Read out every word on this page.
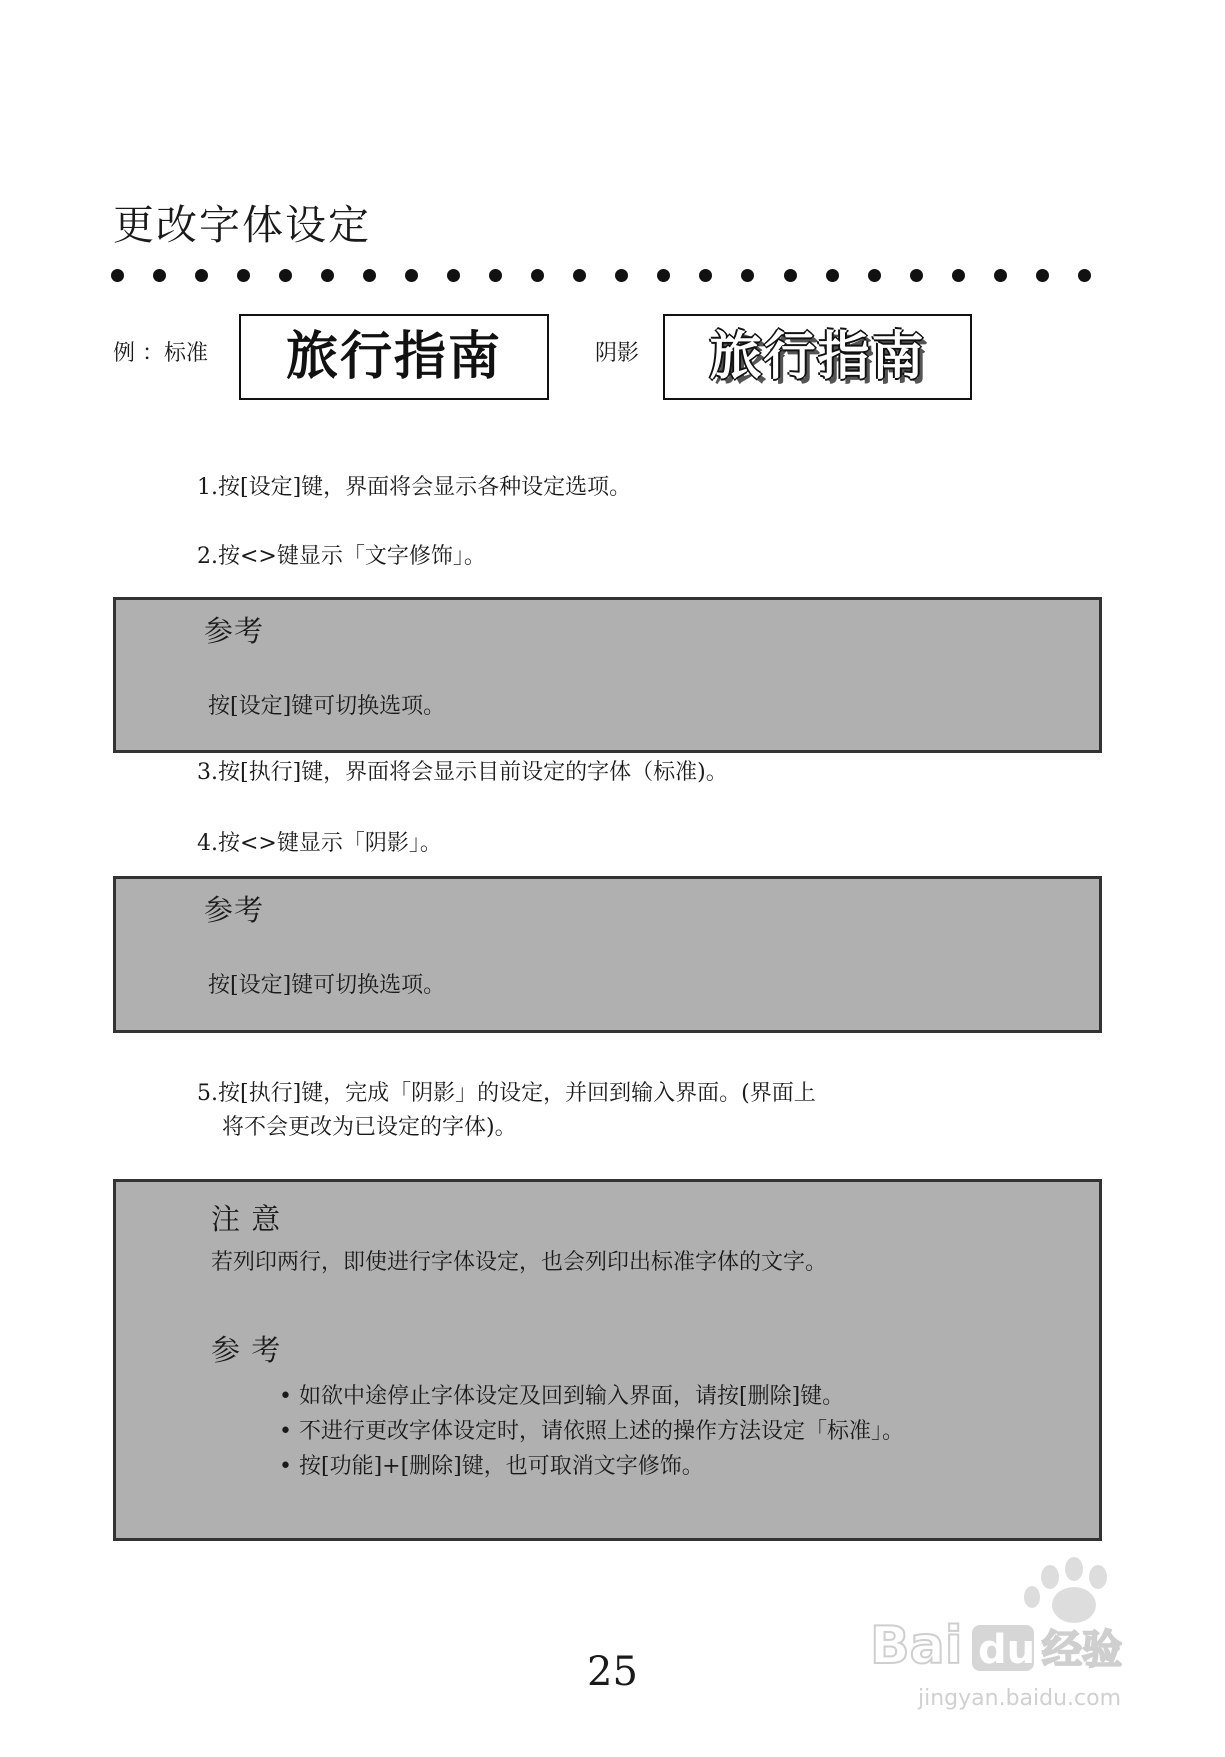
更改字体设定
例 ：标准	旅行指南	阴影	旅行指南
1.按[设定]键，界面将会显示各种设定选项。
2.按<>键显示「文字修饰」。
参考
按[设定]键可切换选项。
3.按[执行]键，界面将会显示目前设定的字体（标准)。
4.按<>键显示「阴影」。
参考
按[设定]键可切换选项。
5.按[执行]键，完成「阴影」的设定，并回到输入界面。(界面上
将不会更改为已设定的字体)。
注 意
若列印两行，即使进行字体设定，也会列印出标准字体的文字。
参 考
• 如欲中途停止字体设定及回到输入界面，请按[删除]键。
• 不进行更改字体设定时，请依照上述的操作方法设定「标准」。
• 按[功能]+[删除]键，也可取消文字修饰。
25	Bai du 经验
jingyan.baidu.com
